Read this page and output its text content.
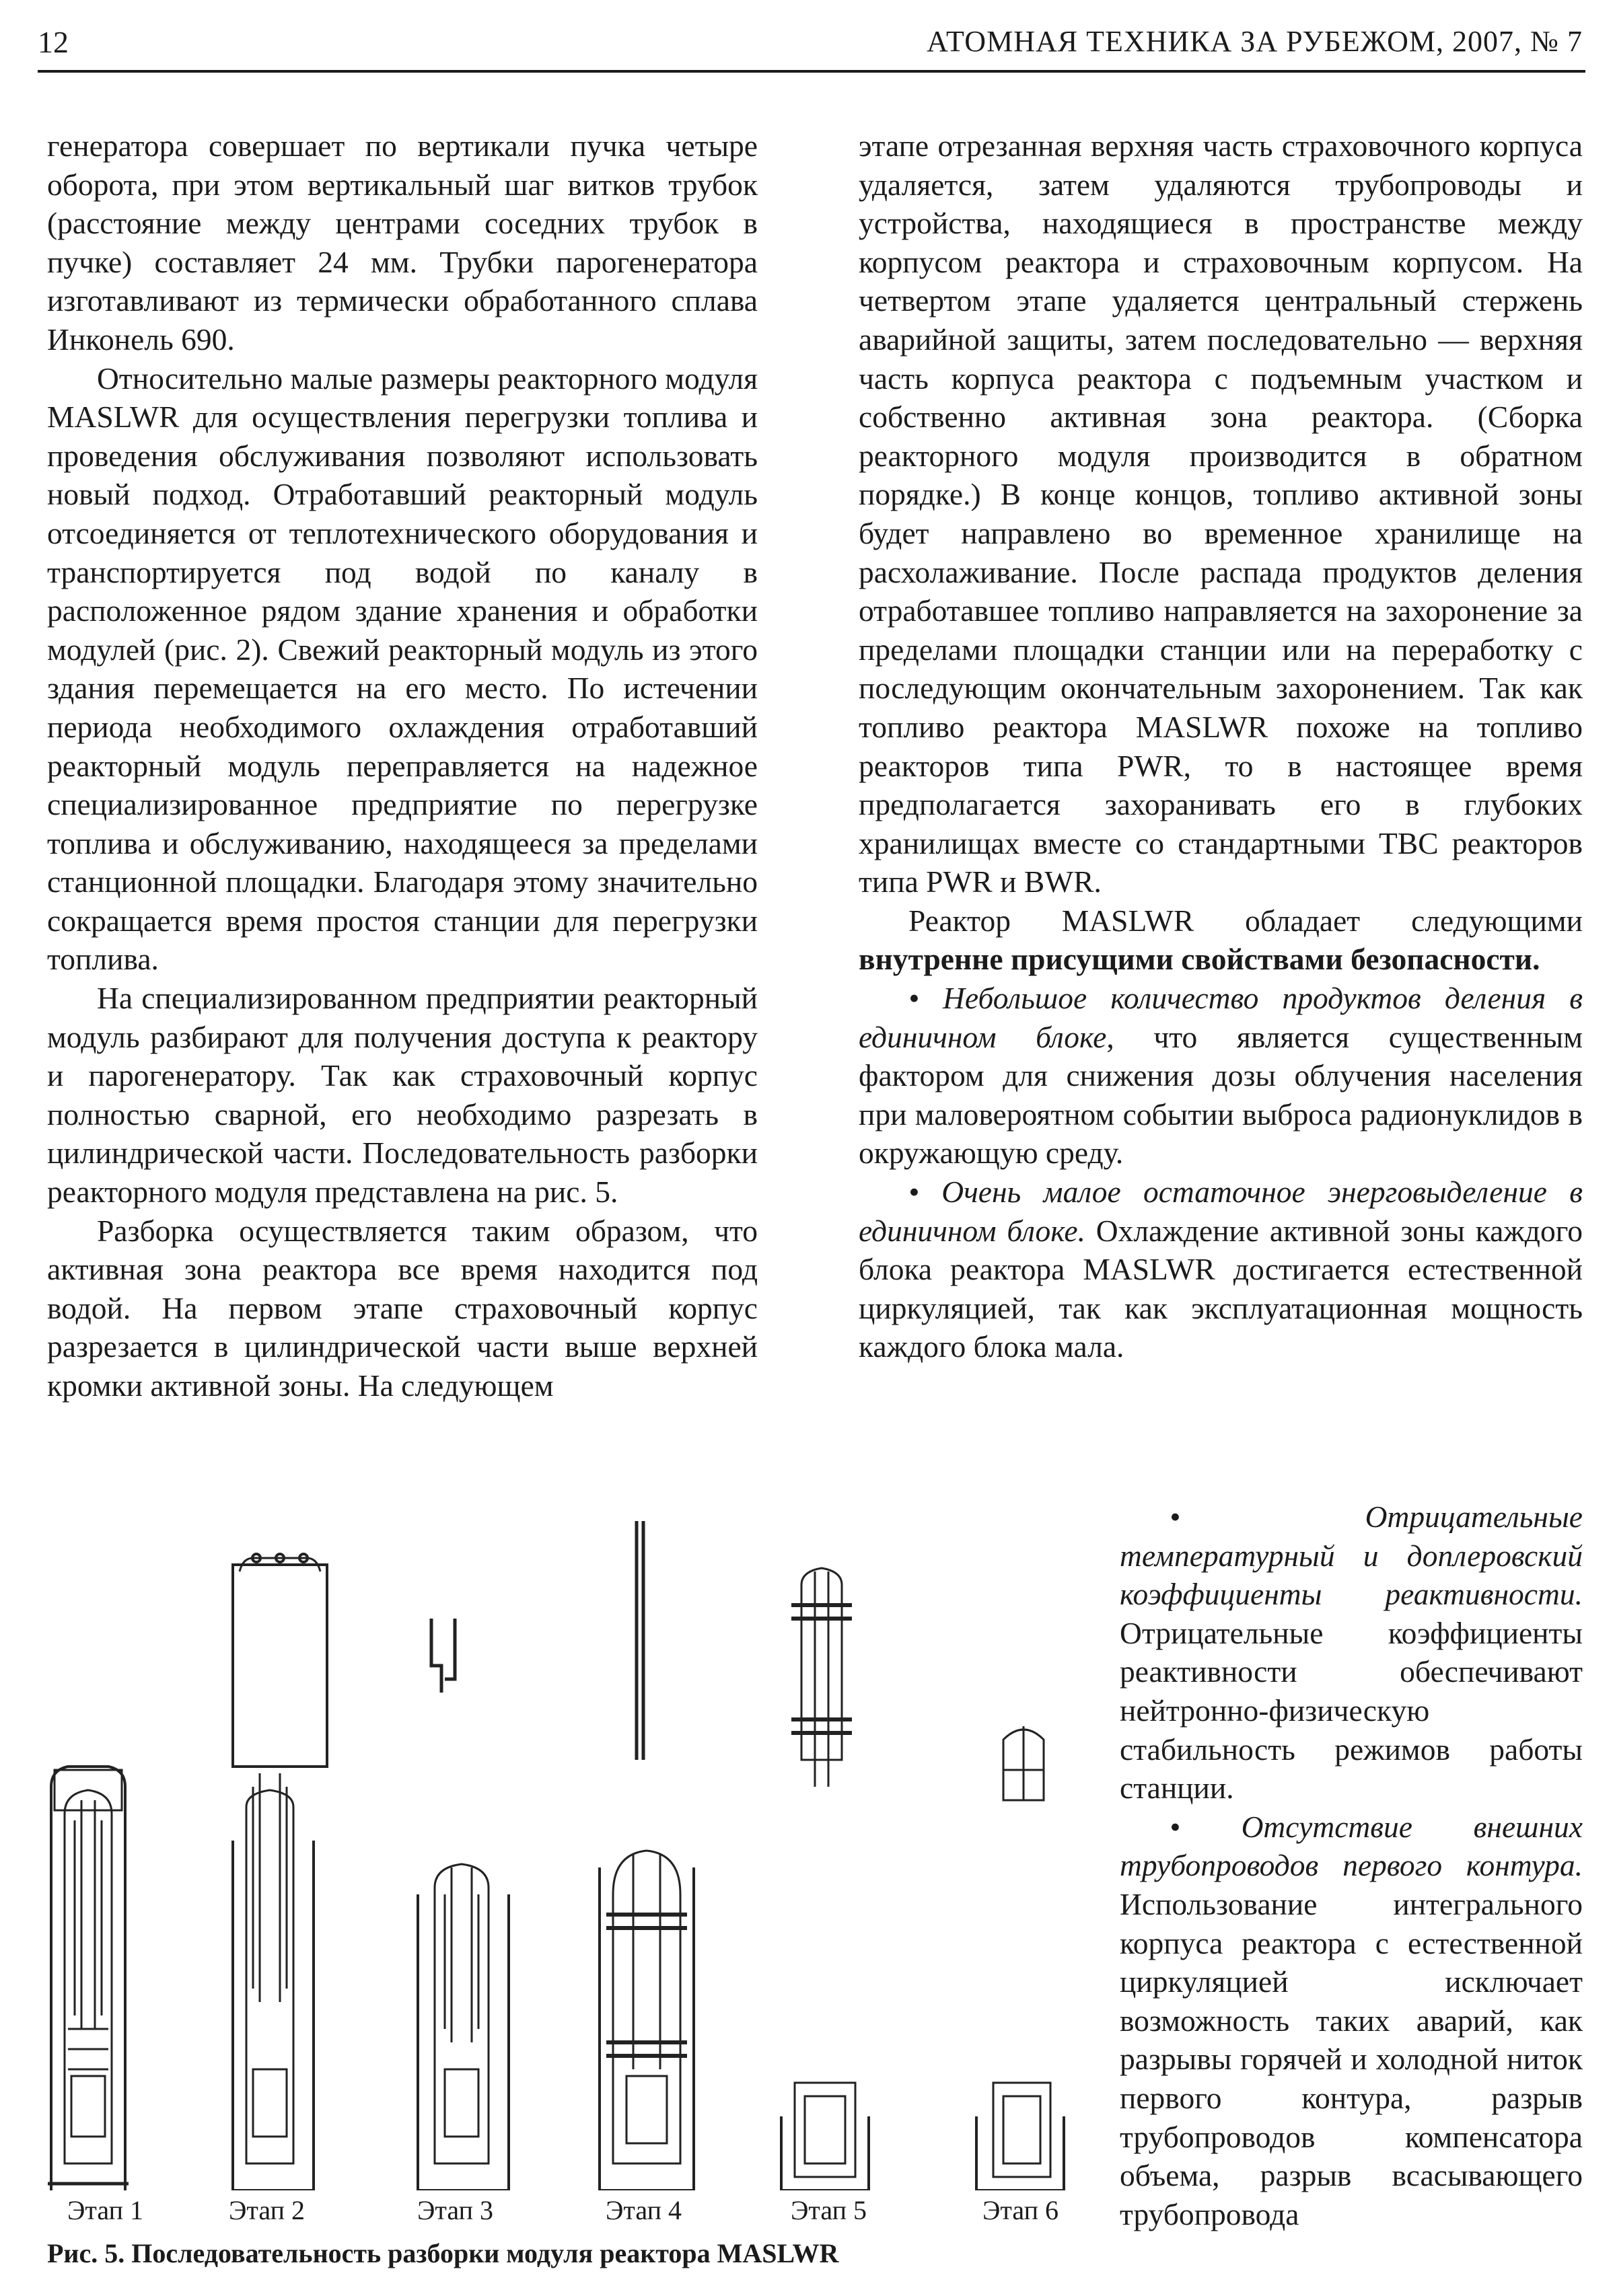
12	АТОМНАЯ ТЕХНИКА ЗА РУБЕЖОМ, 2007, № 7

генератора совершает по вертикали пучка четыре оборота, при этом вертикальный шаг витков трубок (расстояние между центрами соседних трубок в пучке) составляет 24 мм. Трубки парогенератора изготавливают из термически обработанного сплава Инконель 690.

Относительно малые размеры реакторного модуля MASLWR для осуществления перегрузки топлива и проведения обслуживания позволяют использовать новый подход. Отработавший реакторный модуль отсоединяется от теплотехнического оборудования и транспортируется под водой по каналу в расположенное рядом здание хранения и обработки модулей (рис. 2). Свежий реакторный модуль из этого здания перемещается на его место. По истечении периода необходимого охлаждения отработавший реакторный модуль переправляется на надежное специализированное предприятие по перегрузке топлива и обслуживанию, находящееся за пределами станционной площадки. Благодаря этому значительно сокращается время простоя станции для перегрузки топлива.

На специализированном предприятии реакторный модуль разбирают для получения доступа к реактору и парогенератору. Так как страховочный корпус полностью сварной, его необходимо разрезать в цилиндрической части. Последовательность разборки реакторного модуля представлена на рис. 5.

Разборка осуществляется таким образом, что активная зона реактора все время находится под водой. На первом этапе страховочный корпус разрезается в цилиндрической части выше верхней кромки активной зоны. На следующем

этапе отрезанная верхняя часть страховочного корпуса удаляется, затем удаляются трубопроводы и устройства, находящиеся в пространстве между корпусом реактора и страховочным корпусом. На четвертом этапе удаляется центральный стержень аварийной защиты, затем последовательно — верхняя часть корпуса реактора с подъемным участком и собственно активная зона реактора. (Сборка реакторного модуля производится в обратном порядке.) В конце концов, топливо активной зоны будет направлено во временное хранилище на расхолаживание. После распада продуктов деления отработавшее топливо направляется на захоронение за пределами площадки станции или на переработку с последующим окончательным захоронением. Так как топливо реактора MASLWR похоже на топливо реакторов типа PWR, то в настоящее время предполагается захоранивать его в глубоких хранилищах вместе со стандартными ТВС реакторов типа PWR и BWR.

Реактор MASLWR обладает следующими внутренне присущими свойствами безопасности.

• Небольшое количество продуктов деления в единичном блоке, что является существенным фактором для снижения дозы облучения населения при маловероятном событии выброса радионуклидов в окружающую среду.

• Очень малое остаточное энерговыделение в единичном блоке. Охлаждение активной зоны каждого блока реактора MASLWR достигается естественной циркуляцией, так как эксплуатационная мощность каждого блока мала.

• Отрицательные температурный и доплеровский коэффициенты реактивности. Отрицательные коэффициенты реактивности обеспечивают нейтронно-физическую стабильность режимов работы станции.

• Отсутствие внешних трубопроводов первого контура. Использование интегрального корпуса реактора с естественной циркуляцией исключает возможность таких аварий, как разрывы горячей и холодной ниток первого контура, разрыв трубопроводов компенсатора объема, разрыв всасывающего трубопровода

Этап 1	Этап 2	Этап 3	Этап 4	Этап 5	Этап 6
Рис. 5. Последовательность разборки модуля реактора MASLWR
